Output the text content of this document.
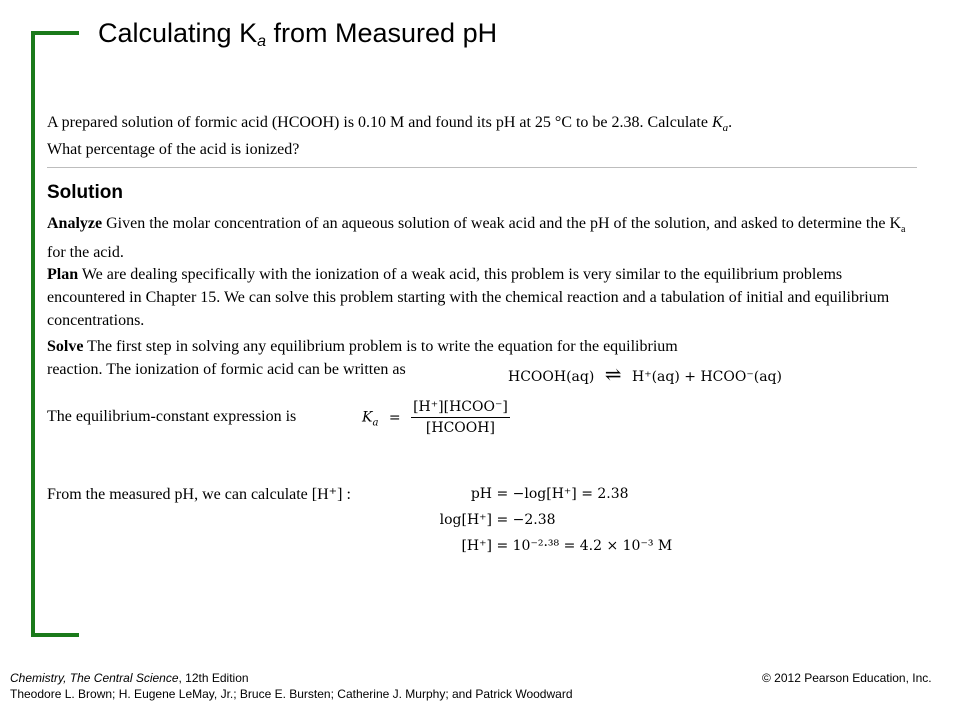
Calculating $K_a$ from Measured pH
A prepared solution of formic acid (HCOOH) is 0.10 M and found its pH at 25 °C to be 2.38. Calculate $K_a$.
What percentage of the acid is ionized?
Solution
Analyze Given the molar concentration of an aqueous solution of weak acid and the pH of the solution, and asked to determine the $K_a$ for the acid.
Plan We are dealing specifically with the ionization of a weak acid, this problem is very similar to the equilibrium problems encountered in Chapter 15. We can solve this problem starting with the chemical reaction and a tabulation of initial and equilibrium concentrations.
Solve The first step in solving any equilibrium problem is to write the equation for the equilibrium
reaction. The ionization of formic acid can be written as	HCOOH(aq) ⇌ H⁺(aq) + HCOO⁻(aq)
The equilibrium-constant expression is	$K_a = \frac{\text{[H⁺][HCOO⁻]}}{\text{[HCOOH]}}$
From the measured pH, we can calculate [H⁺] :	pH = −log[H⁺] = 2.38
log[H⁺] = −2.38
[H⁺] = 10⁻²·³⁸ = 4.2 × 10⁻³ M
Chemistry, The Central Science, 12th Edition
Theodore L. Brown; H. Eugene LeMay, Jr.; Bruce E. Bursten; Catherine J. Murphy; and Patrick Woodward
© 2012 Pearson Education, Inc.
